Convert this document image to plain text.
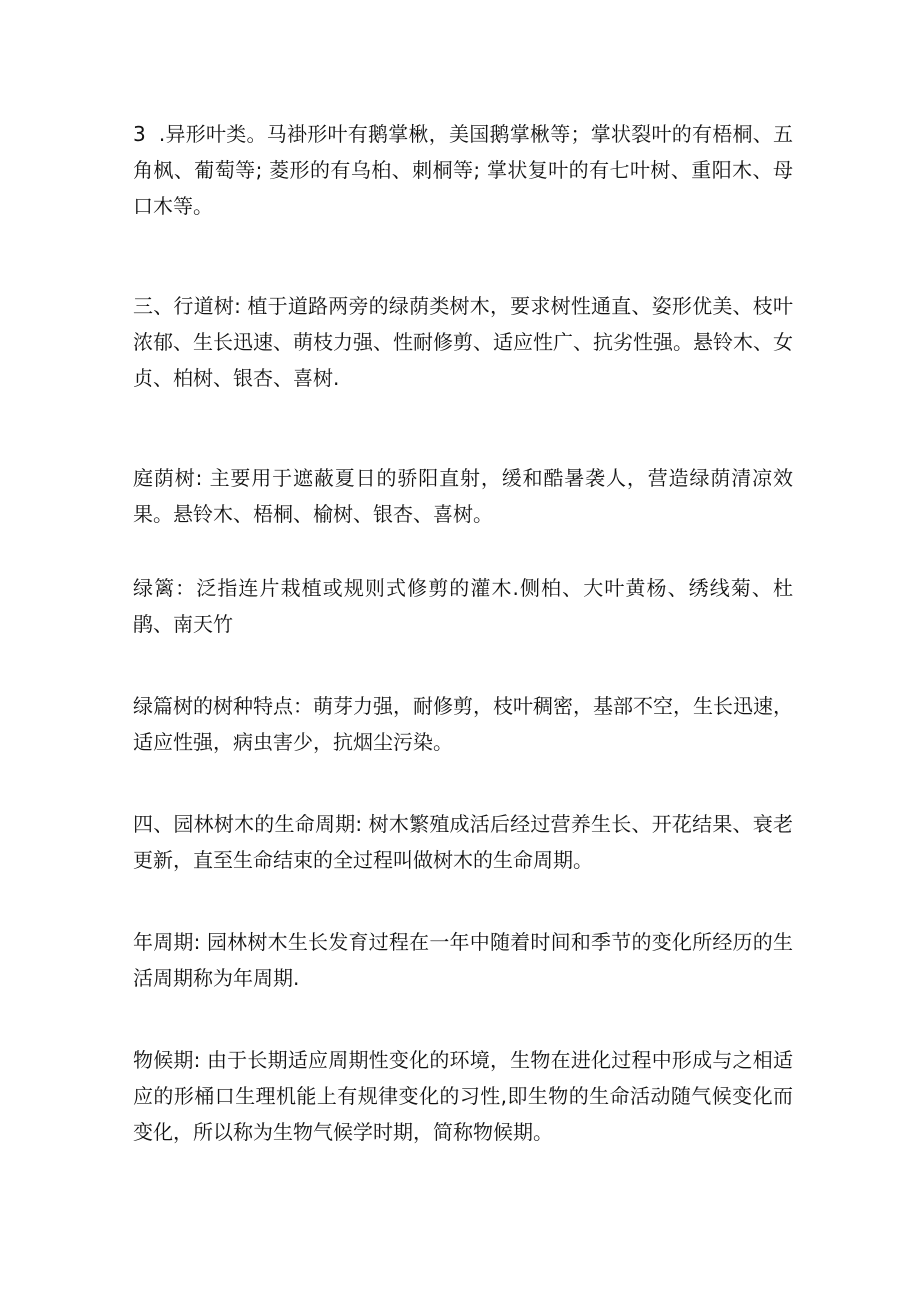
3  .异形叶类。马褂形叶有鹅掌楸，美国鹅掌楸等；掌状裂叶的有梧桐、五角枫、葡萄等; 菱形的有乌桕、刺桐等; 掌状复叶的有七叶树、重阳木、母口木等。

三、行道树: 植于道路两旁的绿荫类树木，要求树性通直、姿形优美、枝叶浓郁、生长迅速、萌枝力强、性耐修剪、适应性广、抗劣性强。悬铃木、女贞、柏树、银杏、喜树.

庭荫树: 主要用于遮蔽夏日的骄阳直射，缓和酷暑袭人，营造绿荫清凉效果。悬铃木、梧桐、榆树、银杏、喜树。

绿篱：泛指连片栽植或规则式修剪的灌木.侧柏、大叶黄杨、绣线菊、杜鹃、南天竹

绿篇树的树种特点：萌芽力强，耐修剪，枝叶稠密，基部不空，生长迅速，适应性强，病虫害少，抗烟尘污染。

四、园林树木的生命周期: 树木繁殖成活后经过营养生长、开花结果、衰老更新，直至生命结束的全过程叫做树木的生命周期。

年周期: 园林树木生长发育过程在一年中随着时间和季节的变化所经历的生活周期称为年周期.

物候期: 由于长期适应周期性变化的环境，生物在进化过程中形成与之相适应的形桶口生理机能上有规律变化的习性,即生物的生命活动随气候变化而变化，所以称为生物气候学时期，简称物候期。
